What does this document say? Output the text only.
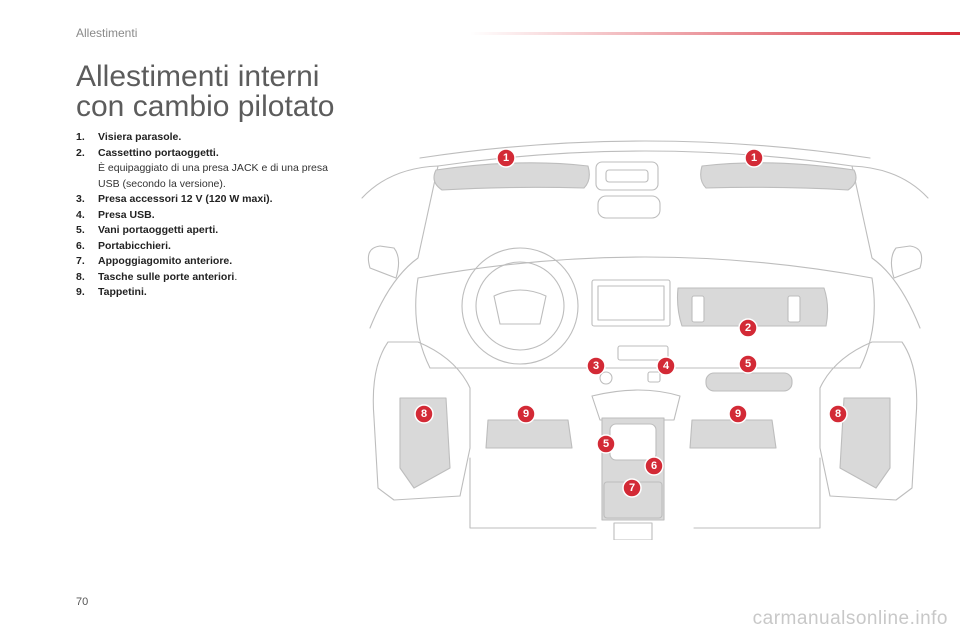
Allestimenti
Allestimenti interni
con cambio pilotato
1.	Visiera parasole.
2.	Cassettino portaoggetti.
È equipaggiato di una presa JACK e di una presa USB (secondo la versione).
3.	Presa accessori 12 V (120 W maxi).
4.	Presa USB.
5.	Vani portaoggetti aperti.
6.	Portabicchieri.
7.	Appoggiagomito anteriore.
8.	Tasche sulle porte anteriori.
9.	Tappetini.
1	1
2
3	4	5
5
6
7
8	8
9	9
70
carmanualsonline.info
